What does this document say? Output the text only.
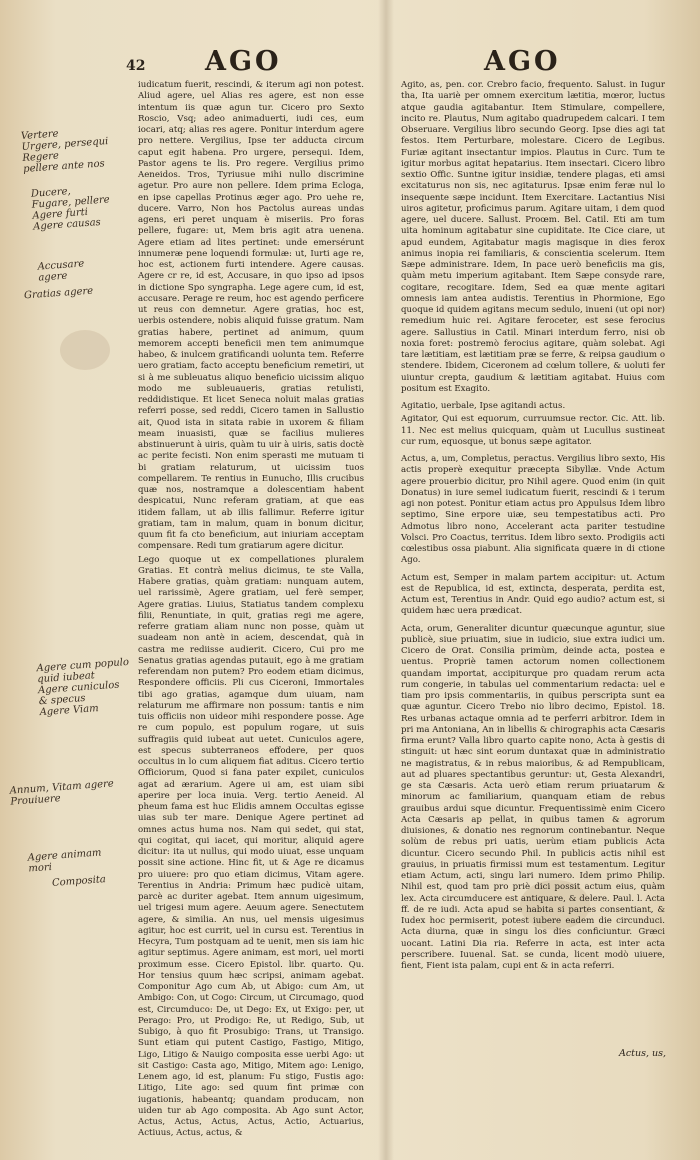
42 AGO	AGO
Vertere
Urgere, persequi
Regere
pellere ante nos
Ducere,
Fugare, pellere
Agere furti
Agere causas
Accusare
agere
Gratias agere
Agere cum populo
quid iubeat
Agere cuniculos
& specus
Agere Viam
Annum, Vitam agere
Prouiuere
Agere animam
mori
Composita

iudicatum fuerit, rescindi, & iterum agi non potest. Aliud agere, uel Alias res agere, est non esse intentum iis quæ agun tur. Cicero pro Sexto Roscio, Vsq; adeo animaduerti, iudi ces, eum iocari, atq; alias res agere. Ponitur interdum agere pro nettere. Vergilius, Ipse ter adducta circum caput egit habena. Pro urgere, persequi. Idem, Pastor agens te lis. Pro regere. Vergilius primo Aeneidos. Tros, Tyriusue mihi nullo discrimine agetur. Pro aure non pellere. Idem prima Ecloga, en ipse capellas Protinus æger ago. Pro uehe re, ducere. Varro, Non hos Pactolus aureas undas agens, eri peret unquam è miseriis. Pro foras pellere, fugare: ut, Mem bris agit atra uenena. Agere etiam ad lites pertinet: unde emersérunt innumeræ pene loquendi formulæ: ut, Iurti age re, hoc est, actionem furti intendere. Agere causas. Agere cr re, id est, Accusare, in quo ipso ad ipsos in dictione Spo syngrapha. Lege agere cum, id est, accusare. Perage re reum, hoc est agendo perficere ut reus con demnetur. Agere gratias, hoc est, uerbis ostendere, nobis aliquid fuisse gratum. Nam gratias habere, pertinet ad animum, quum memorem accepti beneficii men tem animumque habeo, & inulcem gratificandi uolunta tem. Referre uero gratiam, facto acceptu beneficium remetiri, ut si à me subleuatus aliquo beneficio uicissim aliquo modo me subleuaueris, gratias retulisti, reddidistique. Et licet Seneca noluit malas gratias referri posse, sed reddi, Cicero tamen in Sallustio ait, Quod ista in sitata rabie in uxorem & filiam meam inuasisti, quæ se facilius mulieres abstinuerunt à uiris, quàm tu uir à uiris, satis doctè ac perite fecisti. Non enim sperasti me mutuam ti bi gratiam relaturum, ut uicissim tuos compellarem. Te rentius in Eunucho, Illis crucibus quæ nos, nostramque a dolescentiam habent despicatui, Nunc referam gratiam, at que eas itidem fallam, ut ab illis fallimur. Referre igitur gratiam, tam in malum, quam in bonum dicitur, quum fit fa cto beneficium, aut iniuriam acceptam compensare. Redi tum gratiarum agere dicitur.

Lego quoque ut ex compellationes pluralem Gratias. Et contrà melius dicimus, te ste Valla, Habere gratias, quàm gratiam: nunquam autem, uel rarissimè, Agere gratiam, uel ferè semper, Agere gratias. Liuius, Statiatus tandem complexu filii, Renuntiate, in quit, gratias regi me agere, referre gratiam aliam nunc non posse, quàm ut suadeam non antè in aciem, descendat, quà in castra me rediisse audierit. Cicero, Cui pro me Senatus gratias agendas putauit, ego à me gratiam referendam non putem? Pro eodem etiam dicimus, Respondere officiis. Pli cus Ciceroni, Immortales tibi ago gratias, agamque dum uiuam, nam relaturum me affirmare non possum: tantis e nim tuis officiis non uideor mihi respondere posse. Age re cum populo, est populum rogare, ut suis suffragiis quid iubeat aut uetet. Cuniculos agere, est specus subterraneos effodere, per quos occultus in lo cum aliquem fiat aditus. Cicero tertio Officiorum, Quod si fana pater expilet, cuniculos agat ad ærarium. Agere ui am, est uiam sibi aperire per loca inuia. Verg. tertio Aeneid. Al pheum fama est huc Elidis amnem Occultas egisse uias sub ter mare. Denique Agere pertinet ad omnes actus huma nos. Nam qui sedet, qui stat, qui cogitat, qui iacet, qui moritur, aliquid agere dicitur: ita ut nullus, qui modo uiuat, esse unquam possit sine actione. Hinc fit, ut & Age re dicamus pro uiuere: pro quo etiam dicimus, Vitam agere. Terentius in Andria: Primum hæc pudicè uitam, parcè ac duriter agebat. Item annum uigesimum, uel trigesi mum agere. Aeuum agere. Senectutem agere, & similia. An nus, uel mensis uigesimus agitur, hoc est currit, uel in cursu est. Terentius in Hecyra, Tum postquam ad te uenit, men sis iam hic agitur septimus. Agere animam, est mori, uel morti proximum esse. Cicero Epistol. libr. quarto. Qu. Hor tensius quum hæc scripsi, animam agebat. Componitur Ago cum Ab, ut Abigo: cum Am, ut Ambigo: Con, ut Cogo: Circum, ut Circumago, quod est, Circumduco: De, ut Dego: Ex, ut Exigo: per, ut Perago: Pro, ut Prodigo: Re, ut Redigo, Sub, ut Subigo, à quo fit Prosubigo: Trans, ut Transigo. Sunt etiam qui putent Castigo, Fastigo, Mitigo, Ligo, Litigo & Nauigo composita esse uerbi Ago: ut sit Castigo: Casta ago, Mitigo, Mitem ago: Lenigo, Lenem ago, id est, planum: Fu stigo, Fustis ago: Litigo, Lite ago: sed quum fint primæ con iugationis, habeantq; quandam producam, non uiden tur ab Ago composita. Ab Ago sunt Actor, Actus, Actus, Actus, Actus, Actio, Actuarius, Actiuus, Actus, actus, &

Agito, as, pen. cor. Crebro facio, frequento. Salust. in Iugur tha, Ita uariè per omnem exercitum lætitia, mœror, luctus atque gaudia agitabantur. Item Stimulare, compellere, incito re. Plautus, Num agitabo quadrupedem calcari. I tem Obseruare. Vergilius libro secundo Georg. Ipse dies agi tat festos. Item Perturbare, molestare. Cicero de Legibus. Furiæ agitant insectantur impios. Plautus in Curc. Tum te igitur morbus agitat hepatarius. Item insectari. Cicero libro sextio Offic. Suntne igitur insidiæ, tendere plagas, eti amsi excitaturus non sis, nec agitaturus. Ipsæ enim feræ nul lo insequente sæpe incidunt. Item Exercitare. Lactantius Nisi uiros agitetur, proficimus parum. Agitare uitam, i dem quod agere, uel ducere. Sallust. Proœm. Bel. Catil. Eti am tum uita hominum agitabatur sine cupiditate. Ite Cice ciare, ut apud eundem, Agitabatur magis magisque in dies ferox animus inopia rei familiaris, & conscientia scelerum. Item Sæpe administrare. Idem, In pace uerò beneficiis ma gis, quàm metu imperium agitabant. Item Sæpe consyde rare, cogitare, recogitare. Idem, Sed ea quæ mente agitari omnesis iam antea audistis. Terentius in Phormione, Ego quoque id quidem agitans mecum sedulo, inueni (ut opi nor) remedium huic rei. Agitare feroceter, est sese ferocius agere. Sallustius in Catil. Minari interdum ferro, nisi ob noxia foret: postremò ferocius agitare, quàm solebat. Agi tare lætitiam, est lætitiam præ se ferre, & reipsa gaudium o stendere. Ibidem, Ciceronem ad cœlum tollere, & uoluti fer uiuntur crepta, gaudium & lætitiam agitabat. Huius com positum est Exagito.

Agitatio, uerbale, Ipse agitandi actus.

Agitator, Qui est equorum, curruumsue rector. Cic. Att. lib. 11. Nec est melius quicquam, quàm ut Lucullus sustineat cur rum, equosque, ut bonus sæpe agitator.

Actus, a, um, Completus, peractus. Vergilius libro sexto, His actis properè exequitur præcepta Sibyllæ. Vnde Actum agere prouerbio dicitur, pro Nihil agere. Quod enim (in quit Donatus) in iure semel iudicatum fuerit, rescindi & i terum agi non potest. Ponitur etiam actus pro Appulsus Idem libro septimo, Sine erpore uiæ, seu tempestatibus acti. Pro Admotus libro nono, Accelerant acta pariter testudine Volsci. Pro Coactus, territus. Idem libro sexto. Prodigiis acti cœlestibus ossa piabunt. Alia significata quære in di ctione Ago.

Actum est, Semper in malam partem accipitur: ut. Actum est de Republica, id est, extincta, desperata, perdita est, Actum est, Terentius in Andr. Quid ego audio? actum est, si quidem hæc uera prædicat.

Acta, orum, Generaliter dicuntur quæcunque aguntur, siue publicè, siue priuatim, siue in iudicio, siue extra iudici um. Cicero de Orat. Consilia primùm, deinde acta, postea e uentus. Propriè tamen actorum nomen collectionem quandam importat, accipiturque pro quadam rerum acta rum congerie, in tabulas uel commentarium redacta: uel e tiam pro ipsis commentariis, in quibus perscripta sunt ea quæ aguntur. Cicero Trebo nio libro decimo, Epistol. 18. Res urbanas actaque omnia ad te perferri arbitror. Idem in pri ma Antoniana, An in libellis & chirographis acta Cæsaris firma erunt? Valla libro quarto capite nono, Acta à gestis di stinguit: ut hæc sint eorum duntaxat quæ in administratio ne magistratus, & in rebus maioribus, & ad Rempublicam, aut ad pluares spectantibus geruntur: ut, Gesta Alexandri, ge sta Cæsaris. Acta uerò etiam rerum priuatarum & minorum ac familiarium, quanquam etiam de rebus grauibus ardui sque dicuntur. Frequentissimè enim Cicero Acta Cæsaris ap pellat, in quibus tamen & agrorum diuisiones, & donatio nes regnorum continebantur. Neque solùm de rebus pri uatis, uerùm etiam publicis Acta dicuntur. Cicero secundo Phil. In publicis actis nihil est grauius, in priuatis firmissi mum est testamentum. Legitur etiam Actum, acti, singu lari numero. Idem primo Philip. Nihil est, quod tam pro priè dici possit actum eius, quàm lex. Acta circumducere est antiquare, & delere. Paul. l. Acta ff. de re iudi. Acta apud se habita si partes consentiant, & Iudex hoc permiserit, potest iubere eadem die circunduci. Acta diurna, quæ in singu los dies conficiuntur. Græci uocant. Latini Dia ria. Referre in acta, est inter acta perscribere. Iuuenal. Sat. se cunda, licent modò uiuere, fient, Fient ista palam, cupi ent & in acta referri.

Actus, us,
